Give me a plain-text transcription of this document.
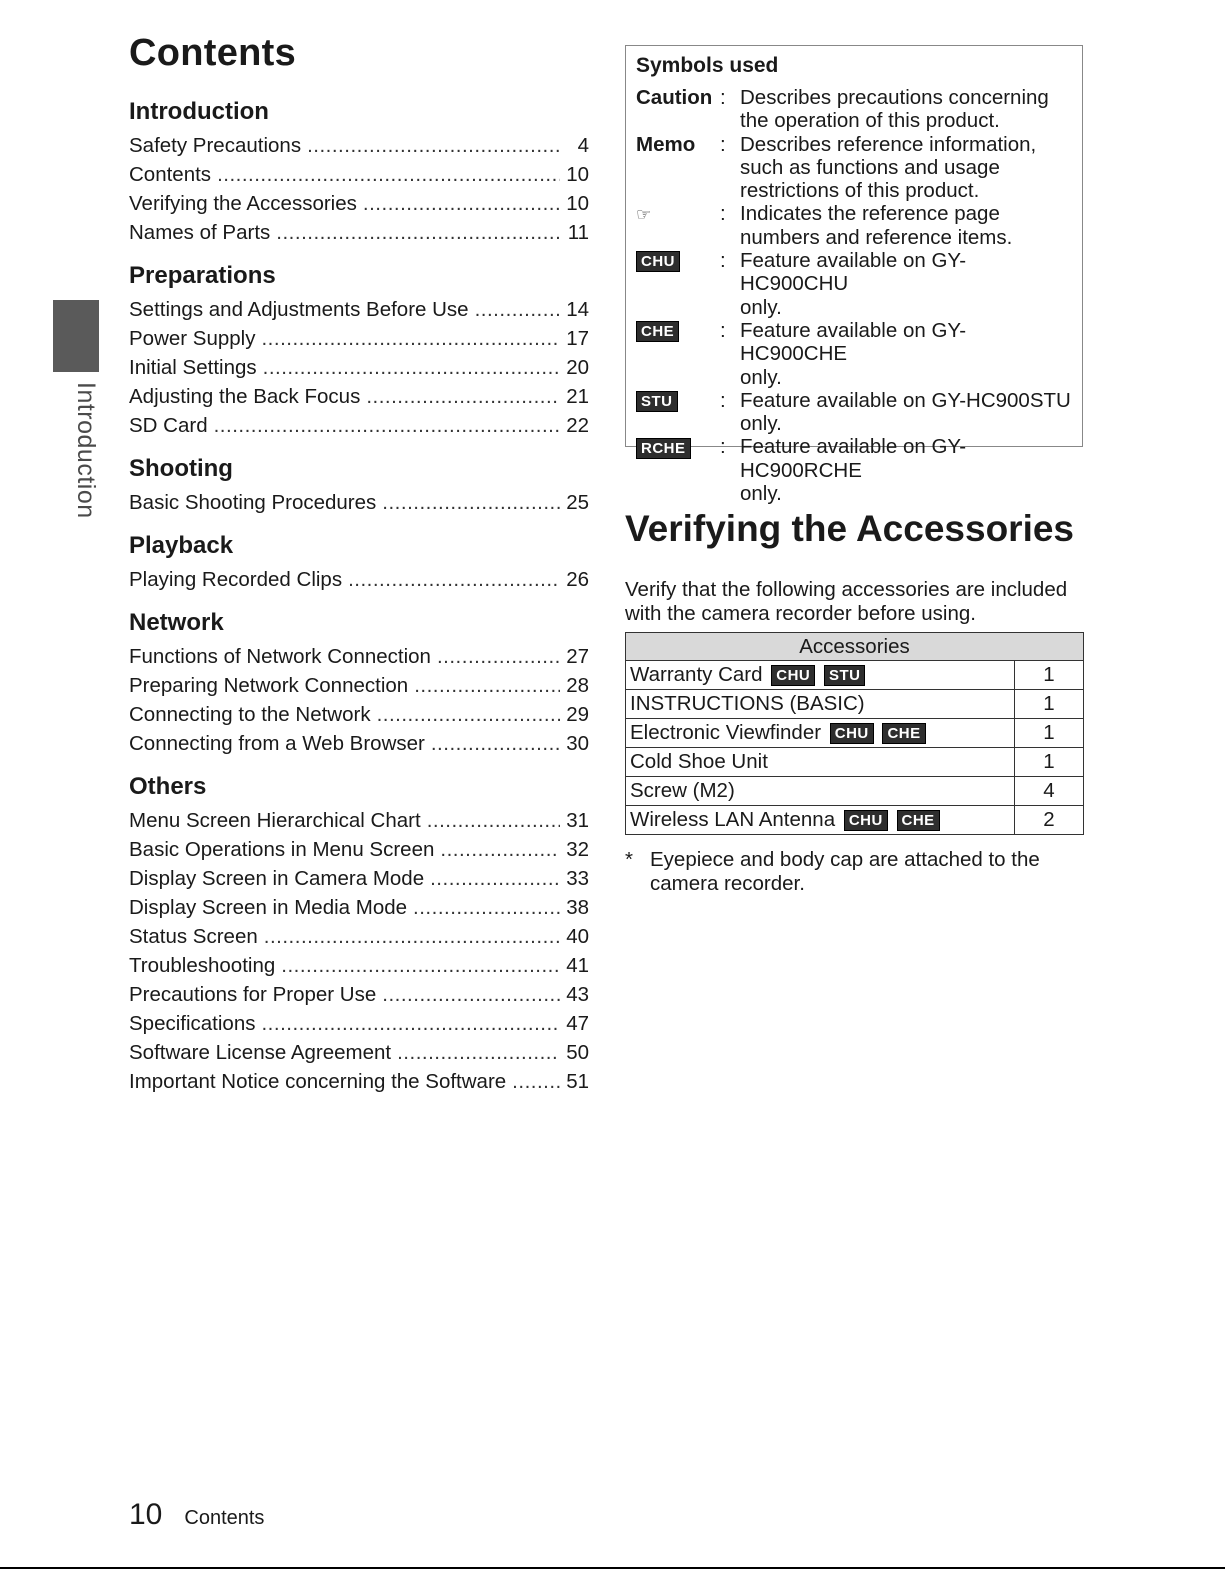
Introduction
Contents
Introduction
Safety Precautions .....	4
Contents .....	10
Verifying the Accessories .....	10
Names of Parts .....	11
Preparations
Settings and Adjustments Before Use .....	14
Power Supply .....	17
Initial Settings .....	20
Adjusting the Back Focus .....	21
SD Card .....	22
Shooting
Basic Shooting Procedures .....	25
Playback
Playing Recorded Clips .....	26
Network
Functions of Network Connection .....	27
Preparing Network Connection .....	28
Connecting to the Network .....	29
Connecting from a Web Browser .....	30
Others
Menu Screen Hierarchical Chart .....	31
Basic Operations in Menu Screen .....	32
Display Screen in Camera Mode .....	33
Display Screen in Media Mode .....	38
Status Screen .....	40
Troubleshooting .....	41
Precautions for Proper Use .....	43
Specifications .....	47
Software License Agreement .....	50
Important Notice concerning the Software .....	51
Symbols used
Caution : Describes precautions concerning
the operation of this product.
Memo	: Describes reference information,
such as functions and usage
restrictions of this product.
☞	: Indicates the reference page
numbers and reference items.
CHU	: Feature available on GY-HC900CHU
only.
CHE	: Feature available on GY-HC900CHE
only.
STU	: Feature available on GY-HC900STU
only.
RCHE	: Feature available on GY-HC900RCHE
only.
Verifying the Accessories

Verify that the following accessories are included with the camera recorder before using.

Accessories	
Warranty Card CHU STU	1
INSTRUCTIONS (BASIC)	1
Electronic Viewfinder CHU CHE	1
Cold Shoe Unit	1
Screw (M2)	4
Wireless LAN Antenna CHU CHE	2
* Eyepiece and body cap are attached to the camera recorder.
10 Contents
